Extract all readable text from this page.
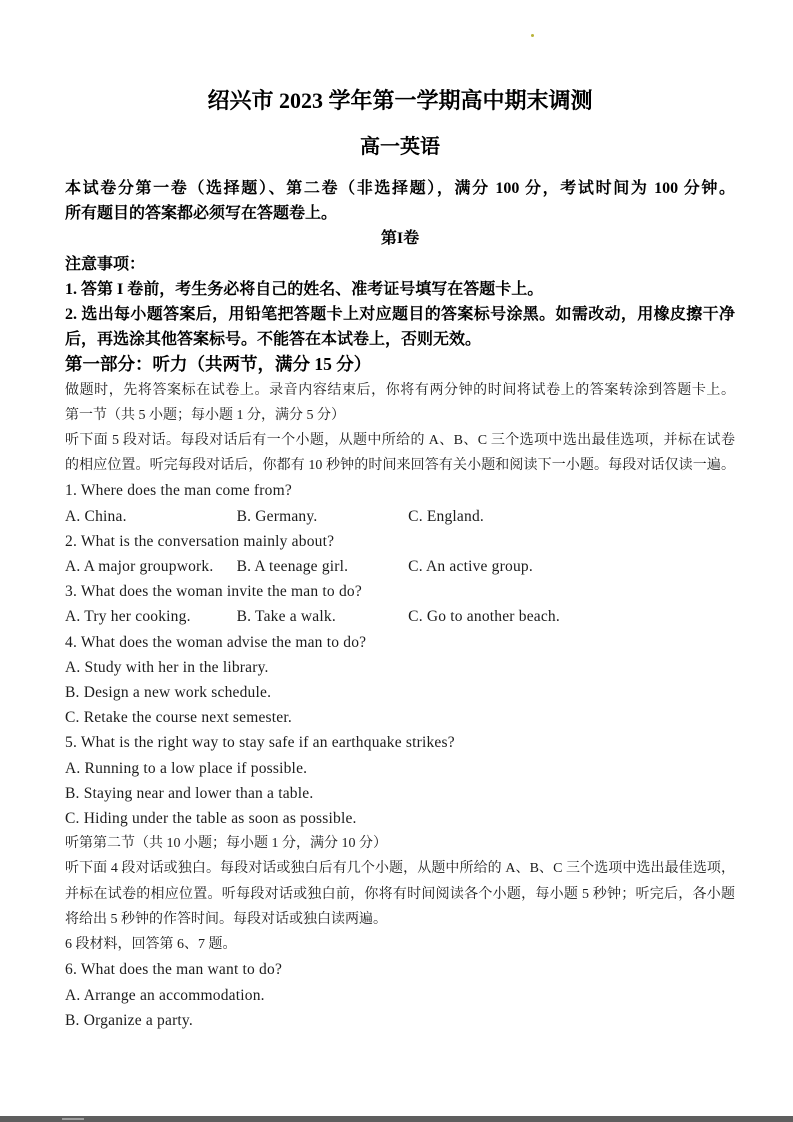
绍兴市 2023 学年第一学期高中期末调测
高一英语
本试卷分第一卷（选择题）、第二卷（非选择题），满分 100 分，考试时间为 100 分钟。
所有题目的答案都必须写在答题卷上。
第I卷
注意事项：
1. 答第 I 卷前，考生务必将自己的姓名、准考证号填写在答题卡上。
2. 选出每小题答案后，用铅笔把答题卡上对应题目的答案标号涂黑。如需改动，用橡皮擦干净
后，再选涂其他答案标号。不能答在本试卷上，否则无效。
第一部分：听力（共两节，满分 15 分）
做题时，先将答案标在试卷上。录音内容结束后，你将有两分钟的时间将试卷上的答案转涂到答题卡上。
第一节（共 5 小题；每小题 1 分，满分 5 分）
听下面 5 段对话。每段对话后有一个小题，从题中所给的 A、B、C 三个选项中选出最佳选项，并标在试卷
的相应位置。听完每段对话后，你都有 10 秒钟的时间来回答有关小题和阅读下一小题。每段对话仅读一遍。
1. Where does the man come from?
A. China.	B. Germany.	C. England.
2. What is the conversation mainly about?
A. A major groupwork. B. A teenage girl.	C. An active group.
3. What does the woman invite the man to do?
A. Try her cooking.	B. Take a walk.	C. Go to another beach.
4. What does the woman advise the man to do?
A. Study with her in the library.
B. Design a new work schedule.
C. Retake the course next semester.
5. What is the right way to stay safe if an earthquake strikes?
A. Running to a low place if possible.
B. Staying near and lower than a table.
C. Hiding under the table as soon as possible.
听第第二节（共 10 小题；每小题 1 分，满分 10 分）
听下面 4 段对话或独白。每段对话或独白后有几个小题，从题中所给的 A、B、C 三个选项中选出最佳选项，
并标在试卷的相应位置。听每段对话或独白前，你将有时间阅读各个小题，每小题 5 秒钟；听完后，各小题
将给出 5 秒钟的作答时间。每段对话或独白读两遍。
6 段材料，回答第 6、7 题。
6. What does the man want to do?
A. Arrange an accommodation.
B. Organize a party.
